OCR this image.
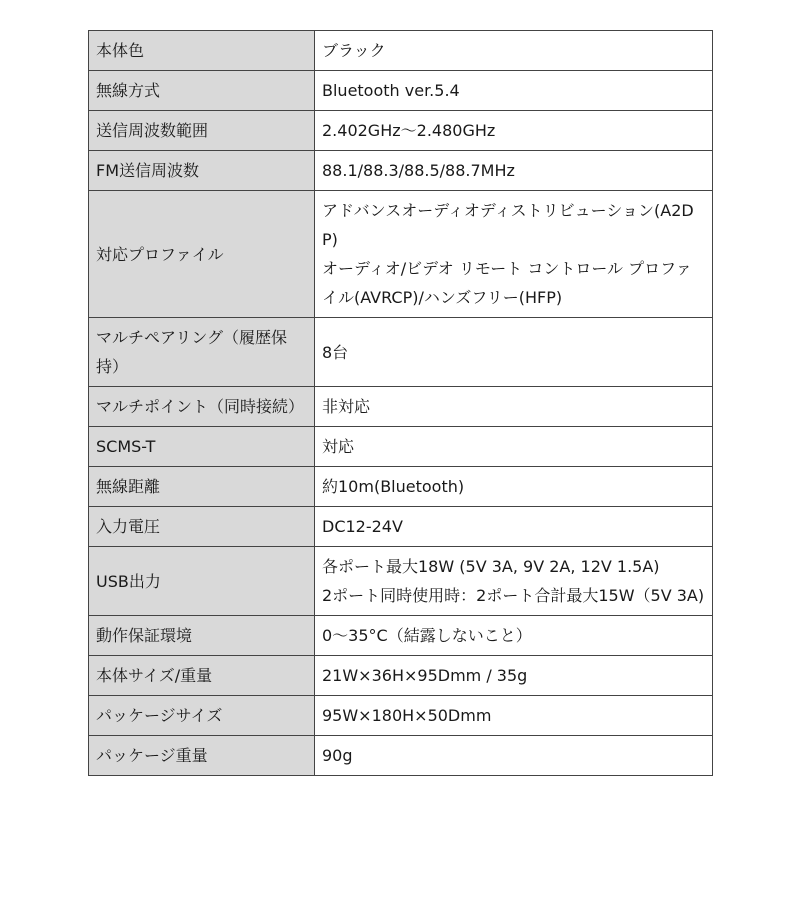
本体色	ブラック

無線方式	Bluetooth ver.5.4

送信周波数範囲	2.402GHz〜2.480GHz

FM送信周波数	88.1/88.3/88.5/88.7MHz

対応プロファイル	アドバンスオーディオディストリビューション(A2DP)
オーディオ/ビデオ リモート コントロール プロファイル(AVRCP)/ハンズフリー(HFP)

マルチペアリング（履歴保持）	8台

マルチポイント（同時接続）	非対応

SCMS-T	対応

無線距離	約10m(Bluetooth)

入力電圧	DC12-24V

USB出力	各ポート最大18W (5V 3A, 9V 2A, 12V 1.5A)
2ポート同時使用時：2ポート合計最大15W（5V 3A)

動作保証環境	0〜35°C（結露しないこと）

本体サイズ/重量	21W×36H×95Dmm / 35g

パッケージサイズ	95W×180H×50Dmm

パッケージ重量	90g
